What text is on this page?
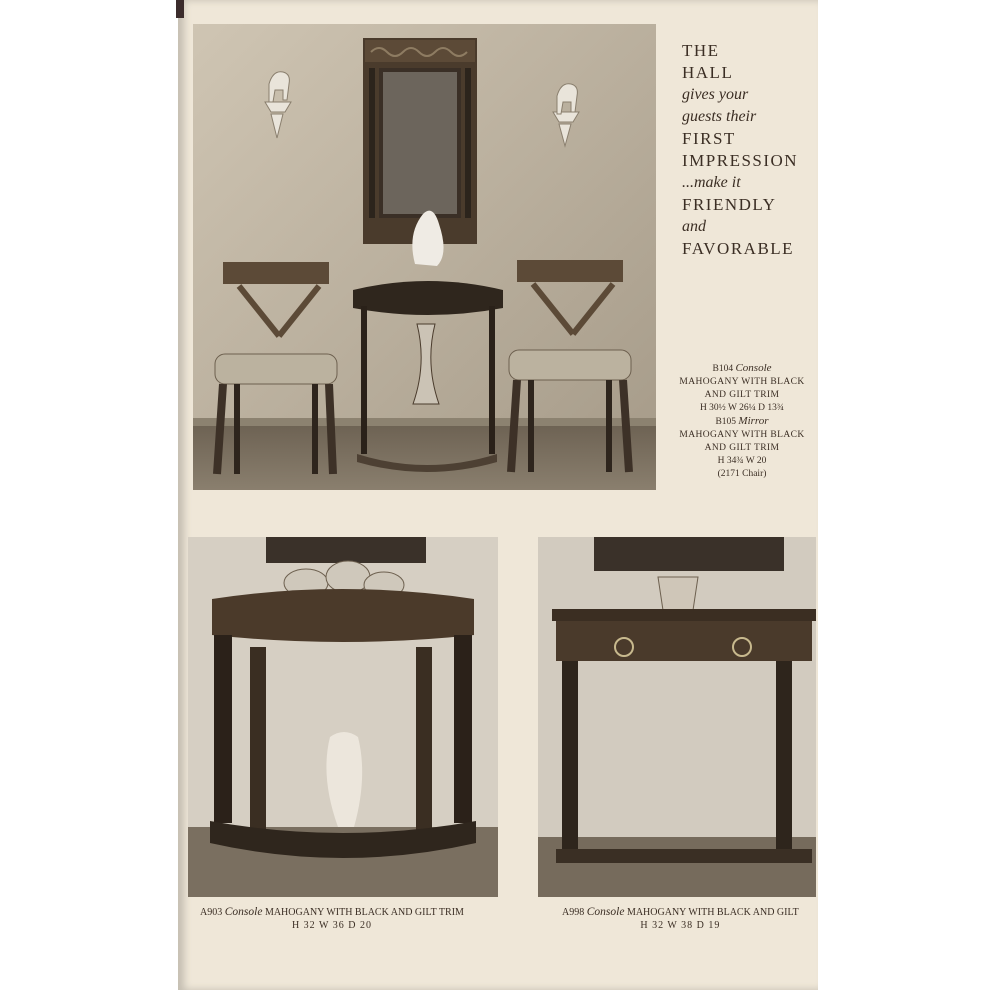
THE
HALL
gives your
guests their
FIRST
IMPRESSION
...make it
FRIENDLY
and
FAVORABLE
B104 Console
MAHOGANY WITH BLACK
AND GILT TRIM
H 30½ W 26¼ D 13¾
B105 Mirror
MAHOGANY WITH BLACK
AND GILT TRIM
H 34¾ W 20
(2171 Chair)
A903 Console MAHOGANY WITH BLACK AND GILT TRIM
H 32 W 36 D 20
A998 Console MAHOGANY WITH BLACK AND GILT
H 32 W 38 D 19
